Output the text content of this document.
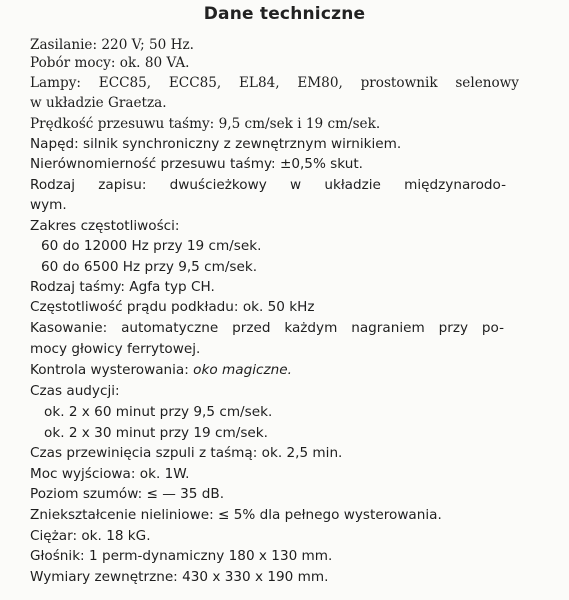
Dane techniczne
Zasilanie: 220 V; 50 Hz.
Pobór mocy: ok. 80 VA.
Lampy: ECC85, ECC85, EL84, EM80, prostownik selenowy
w układzie Graetza.
Prędkość przesuwu taśmy: 9,5 cm/sek i 19 cm/sek.
Napęd: silnik synchroniczny z zewnętrznym wirnikiem.
Nierównomierność przesuwu taśmy: ±0,5% skut.
Rodzaj zapisu: dwuścieżkowy w układzie międzynarodo-
wym.
Zakres częstotliwości:
60 do 12000 Hz przy 19 cm/sek.
60 do 6500 Hz przy 9,5 cm/sek.
Rodzaj taśmy: Agfa typ CH.
Częstotliwość prądu podkładu: ok. 50 kHz
Kasowanie: automatyczne przed każdym nagraniem przy po-
mocy głowicy ferrytowej.
Kontrola wysterowania: oko magiczne.
Czas audycji:
ok. 2 x 60 minut przy 9,5 cm/sek.
ok. 2 x 30 minut przy 19 cm/sek.
Czas przewinięcia szpuli z taśmą: ok. 2,5 min.
Moc wyjściowa: ok. 1W.
Poziom szumów: ≤ — 35 dB.
Zniekształcenie nieliniowe: ≤ 5% dla pełnego wysterowania.
Ciężar: ok. 18 kG.
Głośnik: 1 perm-dynamiczny 180 x 130 mm.
Wymiary zewnętrzne: 430 x 330 x 190 mm.
